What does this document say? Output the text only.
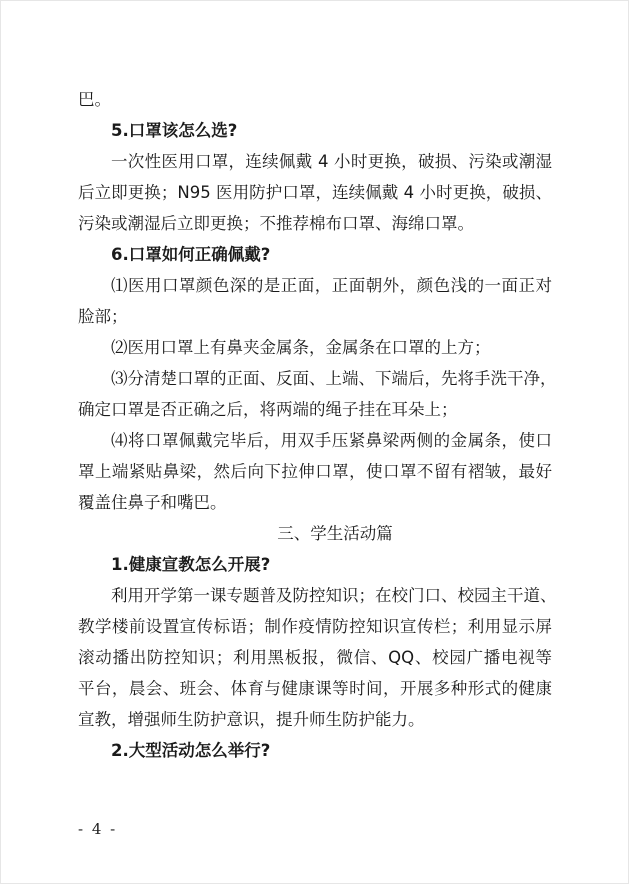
巴。
5.口罩该怎么选?
一次性医用口罩，连续佩戴 4 小时更换，破损、污染或潮湿
后立即更换；N95 医用防护口罩，连续佩戴 4 小时更换，破损、
污染或潮湿后立即更换；不推荐棉布口罩、海绵口罩。
6.口罩如何正确佩戴?
⑴医用口罩颜色深的是正面，正面朝外，颜色浅的一面正对
脸部；
⑵医用口罩上有鼻夹金属条，金属条在口罩的上方；
⑶分清楚口罩的正面、反面、上端、下端后，先将手洗干净，
确定口罩是否正确之后，将两端的绳子挂在耳朵上；
⑷将口罩佩戴完毕后，用双手压紧鼻梁两侧的金属条，使口
罩上端紧贴鼻梁，然后向下拉伸口罩，使口罩不留有褶皱，最好
覆盖住鼻子和嘴巴。
三、学生活动篇
1.健康宣教怎么开展?
利用开学第一课专题普及防控知识；在校门口、校园主干道、
教学楼前设置宣传标语；制作疫情防控知识宣传栏；利用显示屏
滚动播出防控知识；利用黑板报，微信、QQ、校园广播电视等
平台，晨会、班会、体育与健康课等时间，开展多种形式的健康
宣教，增强师生防护意识，提升师生防护能力。
2.大型活动怎么举行?
- 4 -
